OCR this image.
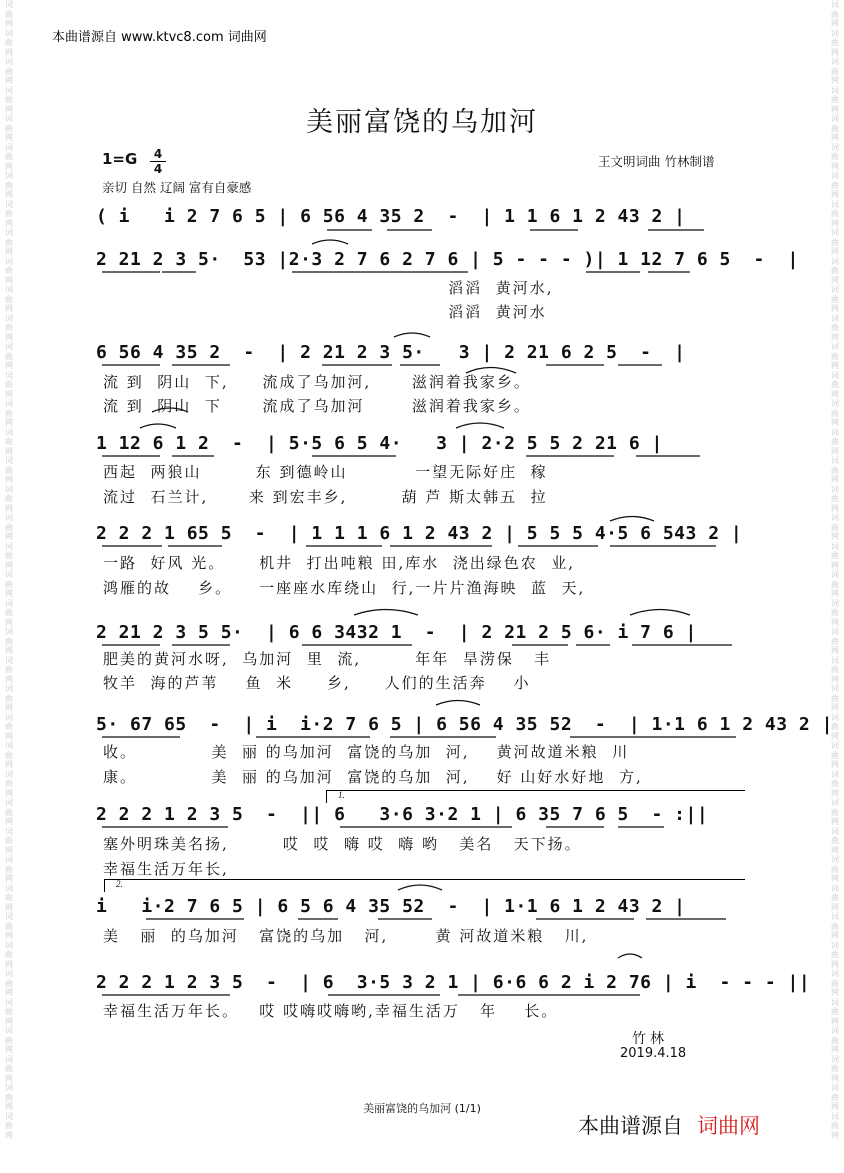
词曲网词曲网词曲网词曲网词曲网词曲网词曲网词曲网词曲网词曲网词曲网词曲网词曲网词曲网词曲网词曲网词曲网词曲网词曲网词曲网词曲网词曲网词曲网词曲网词曲网词曲网词曲网词曲网词曲网词曲网词曲网词曲网词曲网词曲网词曲网词曲网词曲网词曲网词曲网词曲网
词曲网词曲网词曲网词曲网词曲网词曲网词曲网词曲网词曲网词曲网词曲网词曲网词曲网词曲网词曲网词曲网词曲网词曲网词曲网词曲网词曲网词曲网词曲网词曲网词曲网词曲网词曲网词曲网词曲网词曲网词曲网词曲网词曲网词曲网词曲网词曲网词曲网词曲网词曲网词曲网
本曲谱源自 www.ktvc8.com 词曲网
美丽富饶的乌加河
1=G	4
4
亲切 自然 辽阔 富有自豪感
王文明词曲 竹林制谱
( i   i 2 7 6 5 | 6 56 4 35 2  -  | 1 1 6 1 2 43 2 |
2 21 2 3 5·  53 |2·3 2 7 6 2 7 6 | 5 - - - )| 1 12 7 6 5  -  |
滔滔  黄河水,
滔滔  黄河水
6 56 4 35 2  -  | 2 21 2 3 5·   3 | 2 21 6 2 5  -  |
流 到  阴山  下,     流成了乌加河,      滋润着我家乡。
流 到  阴山  下      流成了乌加河       滋润着我家乡。
1 12 6 1 2  -  | 5·5 6 5 4·   3 | 2·2 5 5 2 21 6 |
西起  两狼山        东 到德岭山          一望无际好庄  稼
流过  石兰计,      来 到宏丰乡,        葫 芦 斯太韩五  拉
2 2 2 1 65 5  -  | 1 1 1 6 1 2 43 2 | 5 5 5 4·5 6 543 2 |
一路  好风 光。     机井  打出吨粮 田,库水  浇出绿色农  业,
鸿雁的故    乡。    一座座水库绕山  行,一片片渔海映  蓝  天,
2 21 2 3 5 5·  | 6 6 3432 1  -  | 2 21 2 5 6· i 7 6 |
肥美的黄河水呀,  乌加河  里  流,        年年  旱涝保   丰
牧羊  海的芦苇    鱼  米     乡,     人们的生活奔    小
5· 67 65  -  | i  i·2 7 6 5 | 6 56 4 35 52  -  | 1·1 6 1 2 43 2 |
收。           美  丽 的乌加河  富饶的乌加  河,    黄河故道米粮  川
康。           美  丽 的乌加河  富饶的乌加  河,    好 山好水好地  方,
1.
2 2 2 1 2 3 5  -  || 6   3·6 3·2 1 | 6 35 7 6 5  - :||
塞外明珠美名扬,        哎  哎  嗨 哎  嗨 哟   美名   天下扬。
幸福生活万年长,
2.
i   i·2 7 6 5 | 6 5 6 4 35 52  -  | 1·1 6 1 2 43 2 |
美   丽  的乌加河   富饶的乌加   河,       黄 河故道米粮   川,
2 2 2 1 2 3 5  -  | 6  3·5 3 2 1 | 6·6 6 2 i 2 76 | i  - - - ||
幸福生活万年长。   哎 哎嗨哎嗨哟,幸福生活万   年    长。
竹林
2019.4.18
美丽富饶的乌加河 (1/1)
本曲谱源自 词曲网
